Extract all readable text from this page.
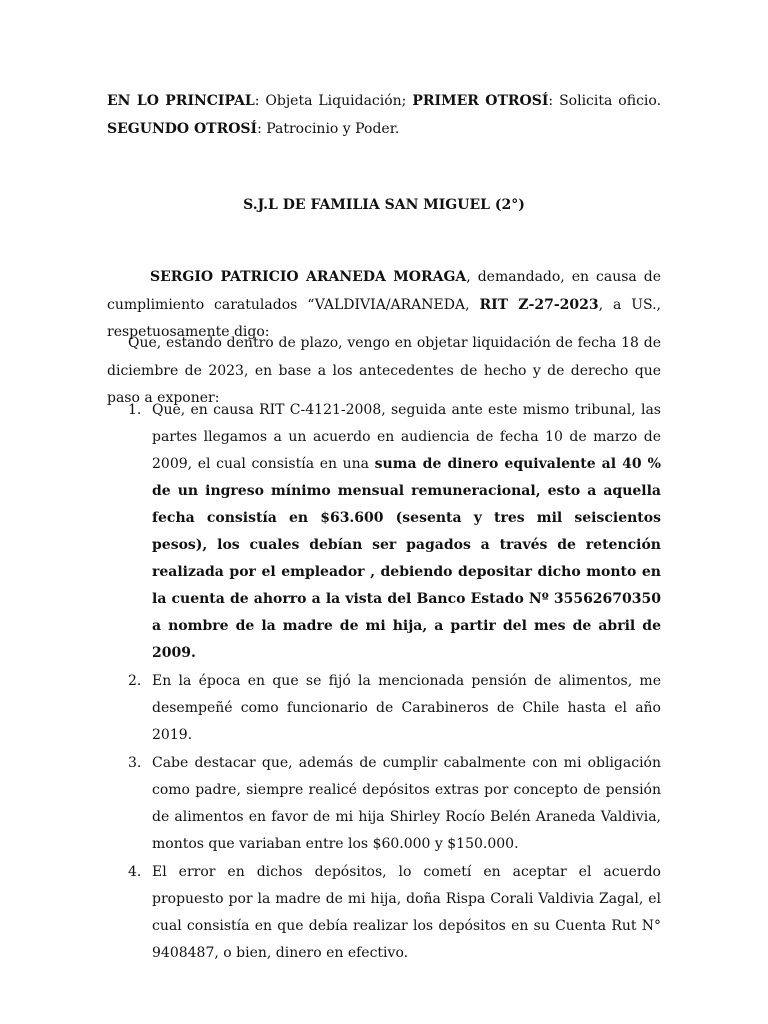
EN LO PRINCIPAL: Objeta Liquidación; PRIMER OTROSÍ: Solicita oficio. SEGUNDO OTROSÍ: Patrocinio y Poder.
S.J.L DE FAMILIA SAN MIGUEL (2°)
SERGIO PATRICIO ARANEDA MORAGA, demandado, en causa de cumplimiento caratulados “VALDIVIA/ARANEDA, RIT Z-27-2023, a US., respetuosamente digo:
Que, estando dentro de plazo, vengo en objetar liquidación de fecha 18 de diciembre de 2023, en base a los antecedentes de hecho y de derecho que paso a exponer:
1. Que, en causa RIT C-4121-2008, seguida ante este mismo tribunal, las partes llegamos a un acuerdo en audiencia de fecha 10 de marzo de 2009, el cual consistía en una suma de dinero equivalente al 40 % de un ingreso mínimo mensual remuneracional, esto a aquella fecha consistía en $63.600 (sesenta y tres mil seiscientos pesos), los cuales debían ser pagados a través de retención realizada por el empleador , debiendo depositar dicho monto en la cuenta de ahorro a la vista del Banco Estado Nº 35562670350 a nombre de la madre de mi hija, a partir del mes de abril de 2009.
2. En la época en que se fijó la mencionada pensión de alimentos, me desempeñé como funcionario de Carabineros de Chile hasta el año 2019.
3. Cabe destacar que, además de cumplir cabalmente con mi obligación como padre, siempre realicé depósitos extras por concepto de pensión de alimentos en favor de mi hija Shirley Rocío Belén Araneda Valdivia, montos que variaban entre los $60.000 y $150.000.
4. El error en dichos depósitos, lo cometí en aceptar el acuerdo propuesto por la madre de mi hija, doña Rispa Corali Valdivia Zagal, el cual consistía en que debía realizar los depósitos en su Cuenta Rut N° 9408487, o bien, dinero en efectivo.
